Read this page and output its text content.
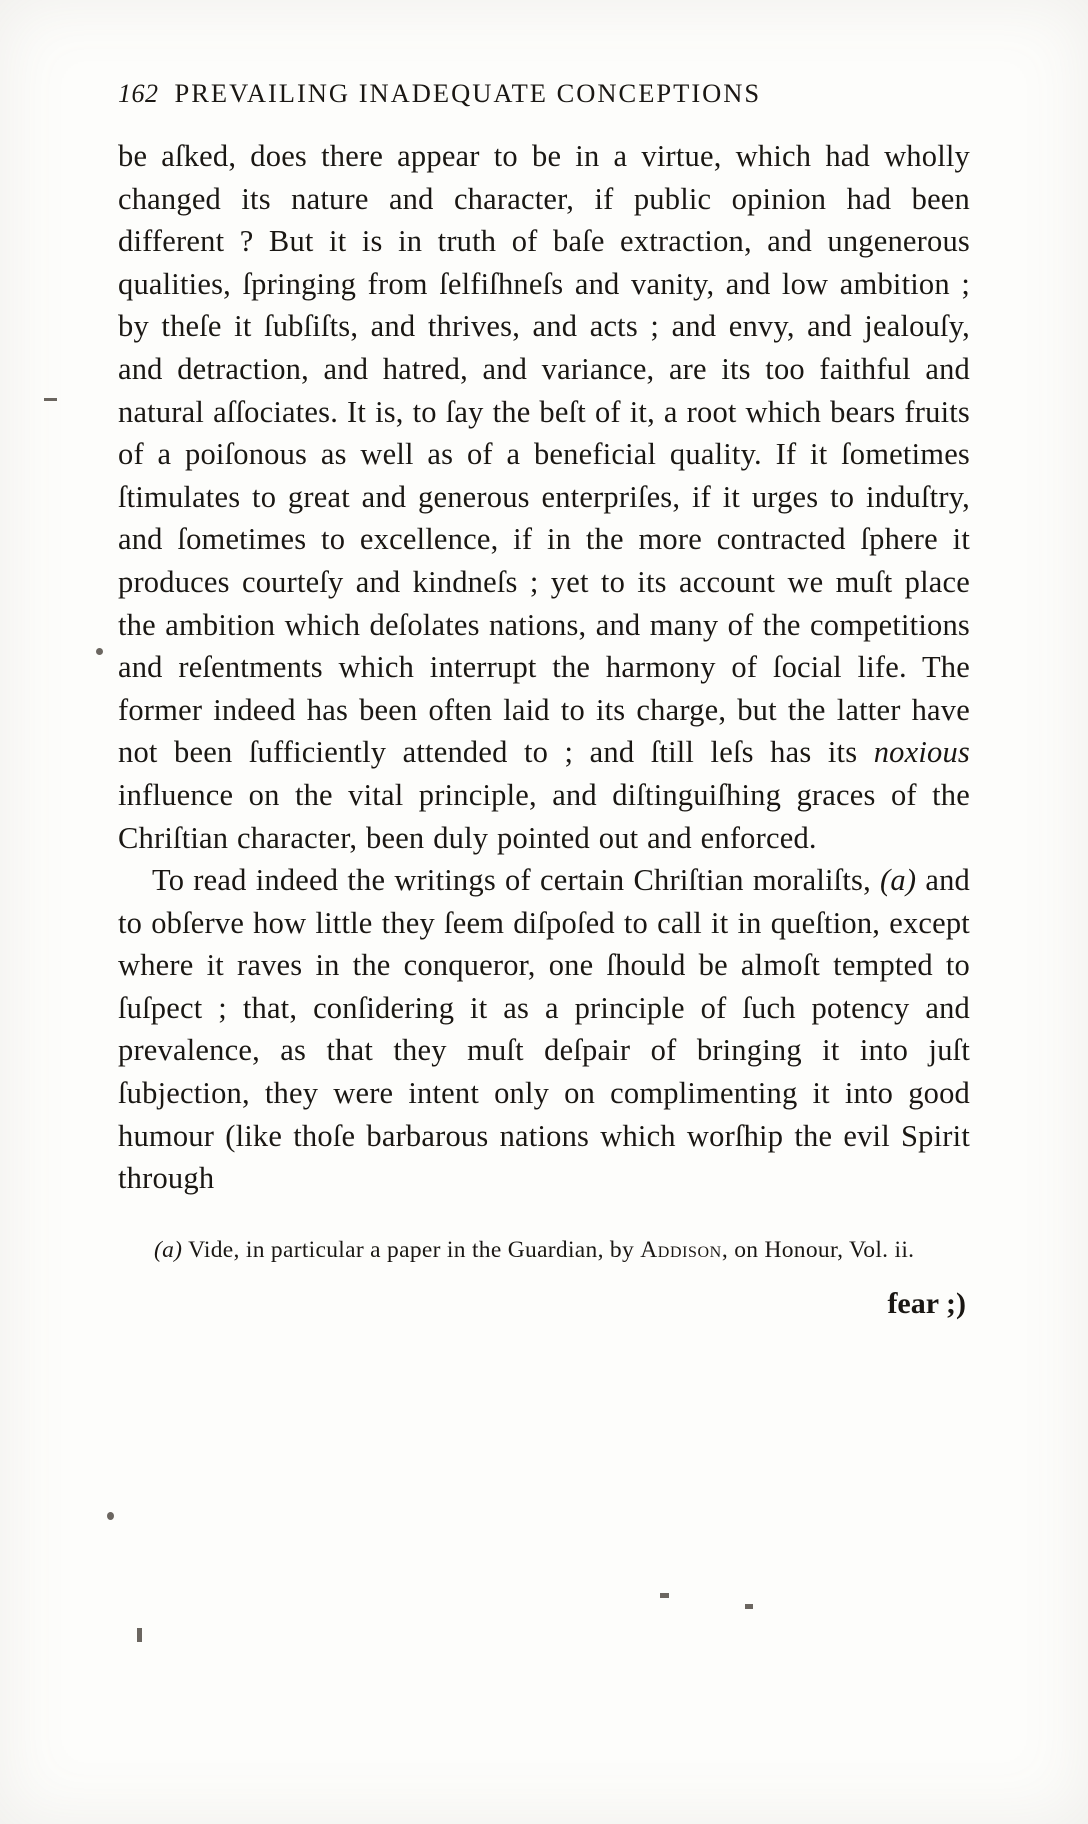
162 PREVAILING INADEQUATE CONCEPTIONS

be aſked, does there appear to be in a virtue, which had wholly changed its nature and character, if public opinion had been different ? But it is in truth of baſe extraction, and ungenerous qualities, ſpringing from ſelfiſhneſs and vanity, and low ambition ; by theſe it ſubſiſts, and thrives, and acts ; and envy, and jealouſy, and detraction, and hatred, and variance, are its too faithful and natural aſſociates. It is, to ſay the beſt of it, a root which bears fruits of a poiſonous as well as of a beneficial quality. If it ſometimes ſtimulates to great and generous enterpriſes, if it urges to induſtry, and ſometimes to excellence, if in the more contracted ſphere it produces courteſy and kindneſs ; yet to its account we muſt place the ambition which deſolates nations, and many of the competitions and reſentments which interrupt the harmony of ſocial life. The former indeed has been often laid to its charge, but the latter have not been ſufficiently attended to ; and ſtill leſs has its noxious influence on the vital principle, and diſtinguiſhing graces of the Chriſtian character, been duly pointed out and enforced.

To read indeed the writings of certain Chriſtian moraliſts, (a) and to obſerve how little they ſeem diſpoſed to call it in queſtion, except where it raves in the conqueror, one ſhould be almoſt tempted to ſuſpect ; that, conſidering it as a principle of ſuch potency and prevalence, as that they muſt deſpair of bringing it into juſt ſubjection, they were intent only on complimenting it into good humour (like thoſe barbarous nations which worſhip the evil Spirit through

(a) Vide, in particular a paper in the Guardian, by Addison, on Honour, Vol. ii.
fear ;)
